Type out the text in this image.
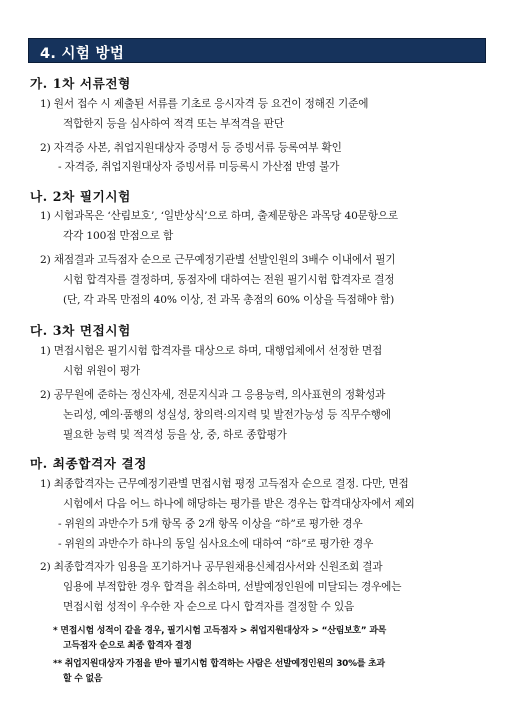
4. 시험 방법
가. 1차 서류전형
1) 원서 접수 시 제출된 서류를 기초로 응시자격 등 요건이 정해진 기준에
적합한지 등을 심사하여 적격 또는 부적격을 판단
2) 자격증 사본, 취업지원대상자 증명서 등 증빙서류 등록여부 확인
- 자격증, 취업지원대상자 증빙서류 미등록시 가산점 반영 불가
나. 2차 필기시험
1) 시험과목은 ‘산림보호’, ‘일반상식’으로 하며, 출제문항은 과목당 40문항으로
각각 100점 만점으로 함
2) 채점결과 고득점자 순으로 근무예정기관별 선발인원의 3배수 이내에서 필기
시험 합격자를 결정하며, 동점자에 대하여는 전원 필기시험 합격자로 결정
(단, 각 과목 만점의 40% 이상, 전 과목 총점의 60% 이상을 득점해야 함)
다. 3차 면접시험
1) 면접시험은 필기시험 합격자를 대상으로 하며, 대행업체에서 선정한 면접
시험 위원이 평가
2) 공무원에 준하는 정신자세, 전문지식과 그 응용능력, 의사표현의 정확성과
논리성, 예의·품행의 성실성, 창의력·의지력 및 발전가능성 등 직무수행에
필요한 능력 및 적격성 등을 상, 중, 하로 종합평가
마. 최종합격자 결정
1) 최종합격자는 근무예정기관별 면접시험 평정 고득점자 순으로 결정. 다만, 면접
시험에서 다음 어느 하나에 해당하는 평가를 받은 경우는 합격대상자에서 제외
- 위원의 과반수가 5개 항목 중 2개 항목 이상을 “하”로 평가한 경우
- 위원의 과반수가 하나의 동일 심사요소에 대하여 “하”로 평가한 경우
2) 최종합격자가 임용을 포기하거나 공무원채용신체검사서와 신원조회 결과
임용에 부적합한 경우 합격을 취소하며, 선발예정인원에 미달되는 경우에는
면접시험 성적이 우수한 자 순으로 다시 합격자를 결정할 수 있음
* 면접시험 성적이 같을 경우, 필기시험 고득점자 > 취업지원대상자 > “산림보호” 과목
고득점자 순으로 최종 합격자 결정
** 취업지원대상자 가점을 받아 필기시험 합격하는 사람은 선발예정인원의 30%를 초과
할 수 없음
